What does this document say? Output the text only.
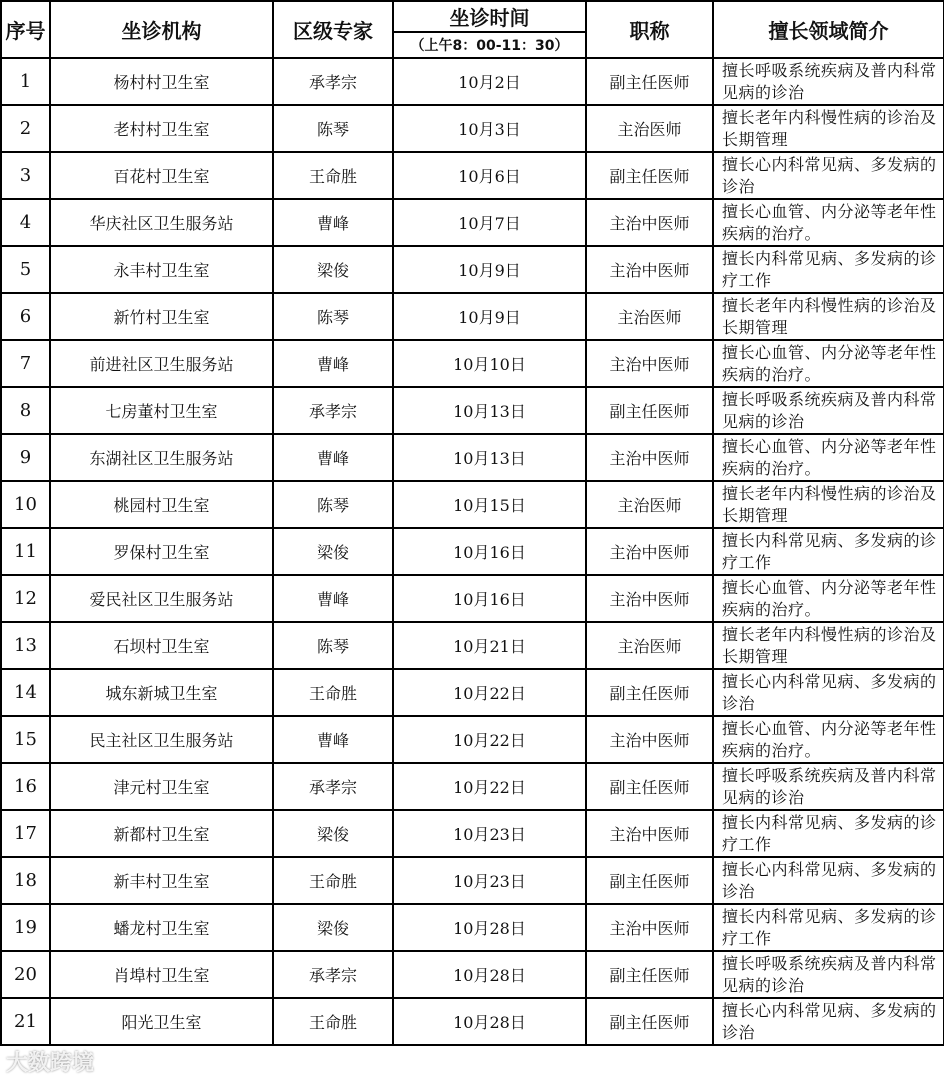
序号	坐诊机构	区级专家	坐诊时间	职称	擅长领域简介
			（上午8：00-11：30）		
1	杨村村卫生室	承孝宗	10月2日	副主任医师	擅长呼吸系统疾病及普内科常见病的诊治
2	老村村卫生室	陈琴	10月3日	主治医师	擅长老年内科慢性病的诊治及长期管理
3	百花村卫生室	王命胜	10月6日	副主任医师	擅长心内科常见病、多发病的诊治
4	华庆社区卫生服务站	曹峰	10月7日	主治中医师	擅长心血管、内分泌等老年性疾病的治疗。
5	永丰村卫生室	梁俊	10月9日	主治中医师	擅长内科常见病、多发病的诊疗工作
6	新竹村卫生室	陈琴	10月9日	主治医师	擅长老年内科慢性病的诊治及长期管理
7	前进社区卫生服务站	曹峰	10月10日	主治中医师	擅长心血管、内分泌等老年性疾病的治疗。
8	七房董村卫生室	承孝宗	10月13日	副主任医师	擅长呼吸系统疾病及普内科常见病的诊治
9	东湖社区卫生服务站	曹峰	10月13日	主治中医师	擅长心血管、内分泌等老年性疾病的治疗。
10	桃园村卫生室	陈琴	10月15日	主治医师	擅长老年内科慢性病的诊治及长期管理
11	罗保村卫生室	梁俊	10月16日	主治中医师	擅长内科常见病、多发病的诊疗工作
12	爱民社区卫生服务站	曹峰	10月16日	主治中医师	擅长心血管、内分泌等老年性疾病的治疗。
13	石坝村卫生室	陈琴	10月21日	主治医师	擅长老年内科慢性病的诊治及长期管理
14	城东新城卫生室	王命胜	10月22日	副主任医师	擅长心内科常见病、多发病的诊治
15	民主社区卫生服务站	曹峰	10月22日	主治中医师	擅长心血管、内分泌等老年性疾病的治疗。
16	津元村卫生室	承孝宗	10月22日	副主任医师	擅长呼吸系统疾病及普内科常见病的诊治
17	新都村卫生室	梁俊	10月23日	主治中医师	擅长内科常见病、多发病的诊疗工作
18	新丰村卫生室	王命胜	10月23日	副主任医师	擅长心内科常见病、多发病的诊治
19	蟠龙村卫生室	梁俊	10月28日	主治中医师	擅长内科常见病、多发病的诊疗工作
20	肖埠村卫生室	承孝宗	10月28日	副主任医师	擅长呼吸系统疾病及普内科常见病的诊治
21	阳光卫生室	王命胜	10月28日	副主任医师	擅长心内科常见病、多发病的诊治
大数跨境
